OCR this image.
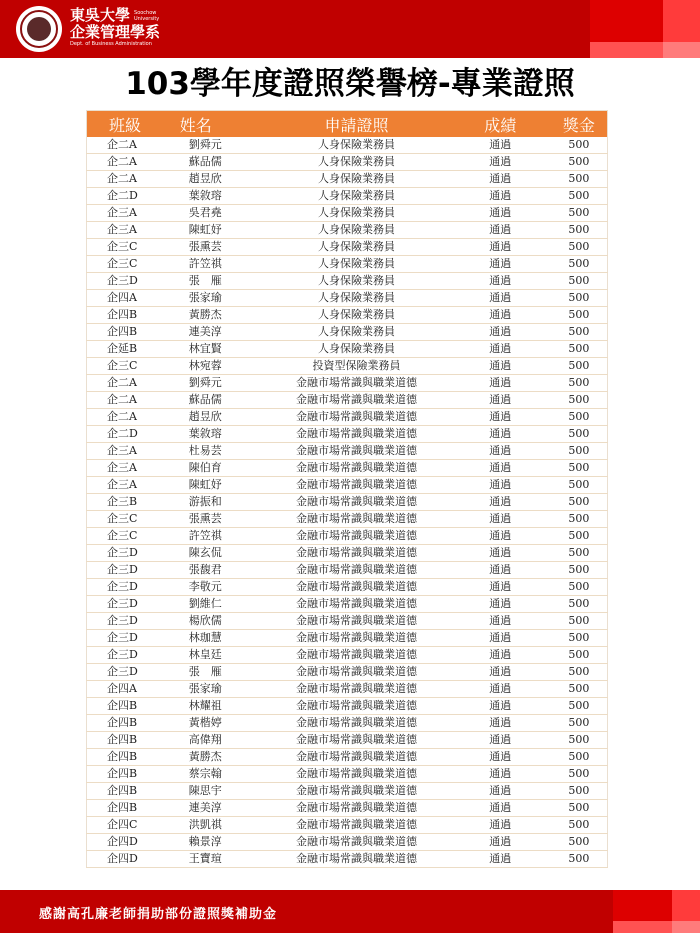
東吳大學 Soochow University
企業管理學系
Dept. of Business Administration
103學年度證照榮譽榜-專業證照
班級	姓名	申請證照	成績	獎金
企二A	劉舜元	人身保險業務員	通過	500
企二A	蘇品儒	人身保險業務員	通過	500
企二A	趙昱欣	人身保險業務員	通過	500
企二D	葉敘瑢	人身保險業務員	通過	500
企三A	吳君堯	人身保險業務員	通過	500
企三A	陳虹妤	人身保險業務員	通過	500
企三C	張熏芸	人身保險業務員	通過	500
企三C	許笠祺	人身保險業務員	通過	500
企三D	張　雁	人身保險業務員	通過	500
企四A	張家瑜	人身保險業務員	通過	500
企四B	黃勝杰	人身保險業務員	通過	500
企四B	連美淳	人身保險業務員	通過	500
企延B	林宜賢	人身保險業務員	通過	500
企三C	林宛蓉	投資型保險業務員	通過	500
企二A	劉舜元	金融市場常識與職業道德	通過	500
企二A	蘇品儒	金融市場常識與職業道德	通過	500
企二A	趙昱欣	金融市場常識與職業道德	通過	500
企二D	葉敘瑢	金融市場常識與職業道德	通過	500
企三A	杜易芸	金融市場常識與職業道德	通過	500
企三A	陳伯育	金融市場常識與職業道德	通過	500
企三A	陳虹妤	金融市場常識與職業道德	通過	500
企三B	游振和	金融市場常識與職業道德	通過	500
企三C	張熏芸	金融市場常識與職業道德	通過	500
企三C	許笠祺	金融市場常識與職業道德	通過	500
企三D	陳玄侃	金融市場常識與職業道德	通過	500
企三D	張馥君	金融市場常識與職業道德	通過	500
企三D	李敬元	金融市場常識與職業道德	通過	500
企三D	劉維仁	金融市場常識與職業道德	通過	500
企三D	楊欣儒	金融市場常識與職業道德	通過	500
企三D	林珈慧	金融市場常識與職業道德	通過	500
企三D	林皇廷	金融市場常識與職業道德	通過	500
企三D	張　雁	金融市場常識與職業道德	通過	500
企四A	張家瑜	金融市場常識與職業道德	通過	500
企四B	林耀祖	金融市場常識與職業道德	通過	500
企四B	黃楷婷	金融市場常識與職業道德	通過	500
企四B	高偉翔	金融市場常識與職業道德	通過	500
企四B	黃勝杰	金融市場常識與職業道德	通過	500
企四B	蔡宗翰	金融市場常識與職業道德	通過	500
企四B	陳思宇	金融市場常識與職業道德	通過	500
企四B	連美淳	金融市場常識與職業道德	通過	500
企四C	洪凱祺	金融市場常識與職業道德	通過	500
企四D	賴景淳	金融市場常識與職業道德	通過	500
企四D	王寶瑄	金融市場常識與職業道德	通過	500
感謝高孔廉老師捐助部份證照獎補助金
